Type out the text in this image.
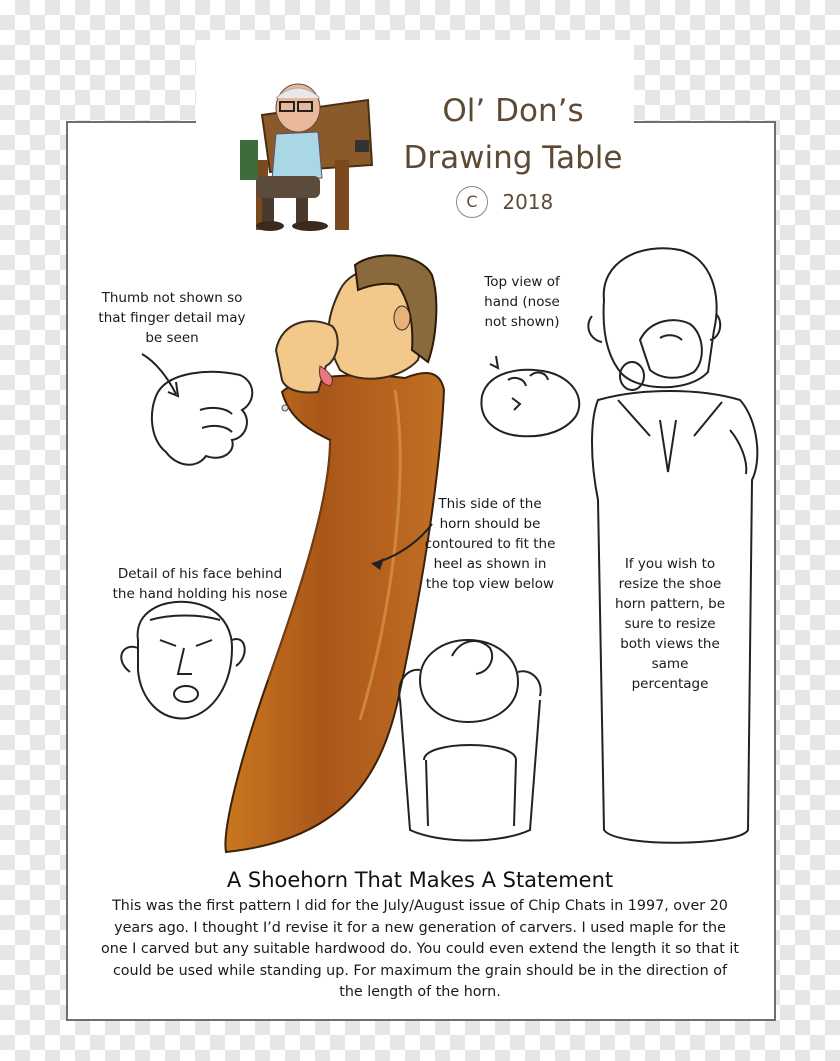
Ol’ Don’s
Drawing Table
C 2018
Thumb not shown so that finger detail may be seen
Top view of hand (nose not shown)
Detail of his face behind the hand holding his nose
This side of the horn should be contoured to fit the heel as shown in the top view below
If you wish to resize the shoe horn pattern, be sure to resize both views the same percentage
A Shoehorn That Makes A Statement
This was the first pattern I did for the July/August issue of Chip Chats in 1997, over 20 years ago. I thought I’d revise it for a new generation of carvers. I used maple for the one I carved but any suitable hardwood do. You could even extend the length it so that it could be used while standing up. For maximum the grain should be in the direction of the length of the horn.
